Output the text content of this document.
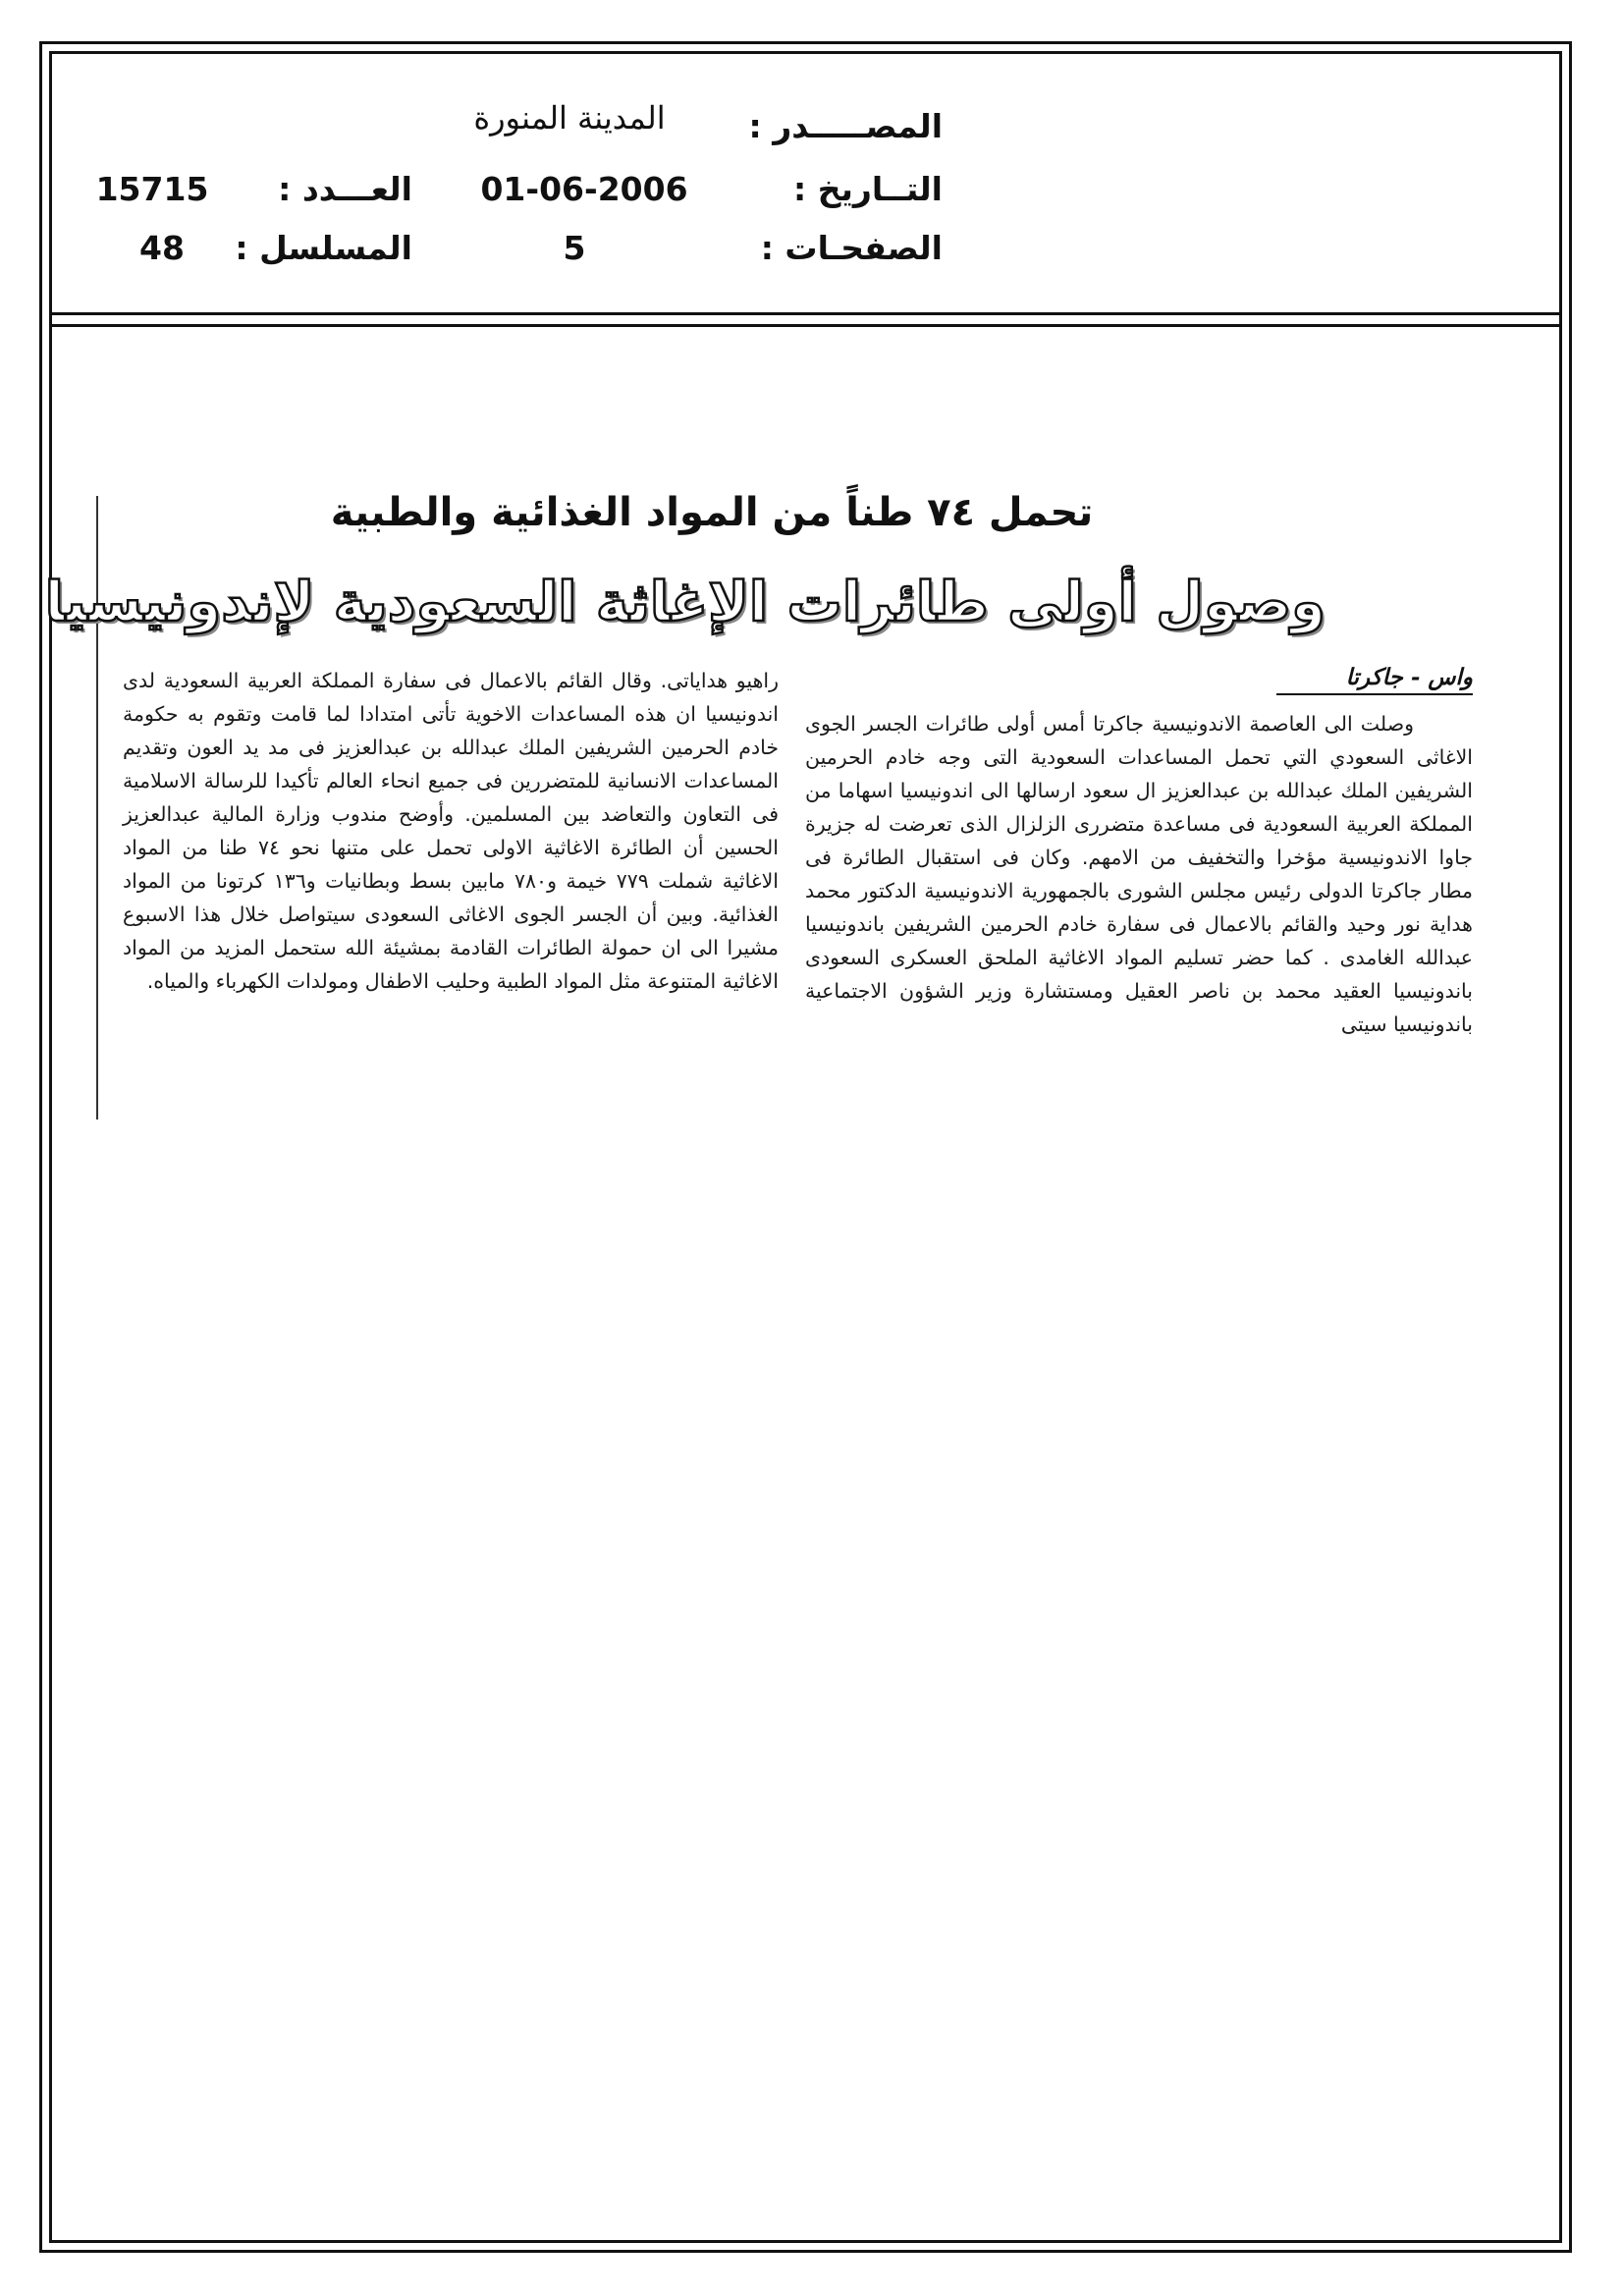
المصـــــدر :
المدينة المنورة
التــاريخ :
01-06-2006
العـــدد :
15715
الصفحـات :
5
المسلسل :
48
تحمل ٧٤ طناً من المواد الغذائية والطبية
وصول أولى طائرات الإغاثة السعودية لإندونيسيا
واس - جاكرتا
وصلت الى العاصمة الاندونيسية جاكرتا أمس أولى طائرات الجسر الجوى الاغاثى السعودي التي تحمل المساعدات السعودية التى وجه خادم الحرمين الشريفين الملك عبدالله بن عبدالعزيز ال سعود ارسالها الى اندونيسيا اسهاما من المملكة العربية السعودية فى مساعدة متضررى الزلزال الذى تعرضت له جزيرة جاوا الاندونيسية مؤخرا والتخفيف من الامهم. وكان فى استقبال الطائرة فى مطار جاكرتا الدولى رئيس مجلس الشورى بالجمهورية الاندونيسية الدكتور محمد هداية نور وحيد والقائم بالاعمال فى سفارة خادم الحرمين الشريفين باندونيسيا عبدالله الغامدى . كما حضر تسليم المواد الاغاثية الملحق العسكرى السعودى باندونيسيا العقيد محمد بن ناصر العقيل ومستشارة وزير الشؤون الاجتماعية باندونيسيا سيتى
راهيو هداياتى. وقال القائم بالاعمال فى سفارة المملكة العربية السعودية لدى اندونيسيا ان هذه المساعدات الاخوية تأتى امتدادا لما قامت وتقوم به حكومة خادم الحرمين الشريفين الملك عبدالله بن عبدالعزيز فى مد يد العون وتقديم المساعدات الانسانية للمتضررين فى جميع انحاء العالم تأكيدا للرسالة الاسلامية فى التعاون والتعاضد بين المسلمين. وأوضح مندوب وزارة المالية عبدالعزيز الحسين أن الطائرة الاغاثية الاولى تحمل على متنها نحو ٧٤ طنا من المواد الاغاثية شملت ٧٧٩ خيمة و٧٨٠ مابين بسط وبطانيات و١٣٦ كرتونا من المواد الغذائية. وبين أن الجسر الجوى الاغاثى السعودى سيتواصل خلال هذا الاسبوع مشيرا الى ان حمولة الطائرات القادمة بمشيئة الله ستحمل المزيد من المواد الاغاثية المتنوعة مثل المواد الطبية وحليب الاطفال ومولدات الكهرباء والمياه.
